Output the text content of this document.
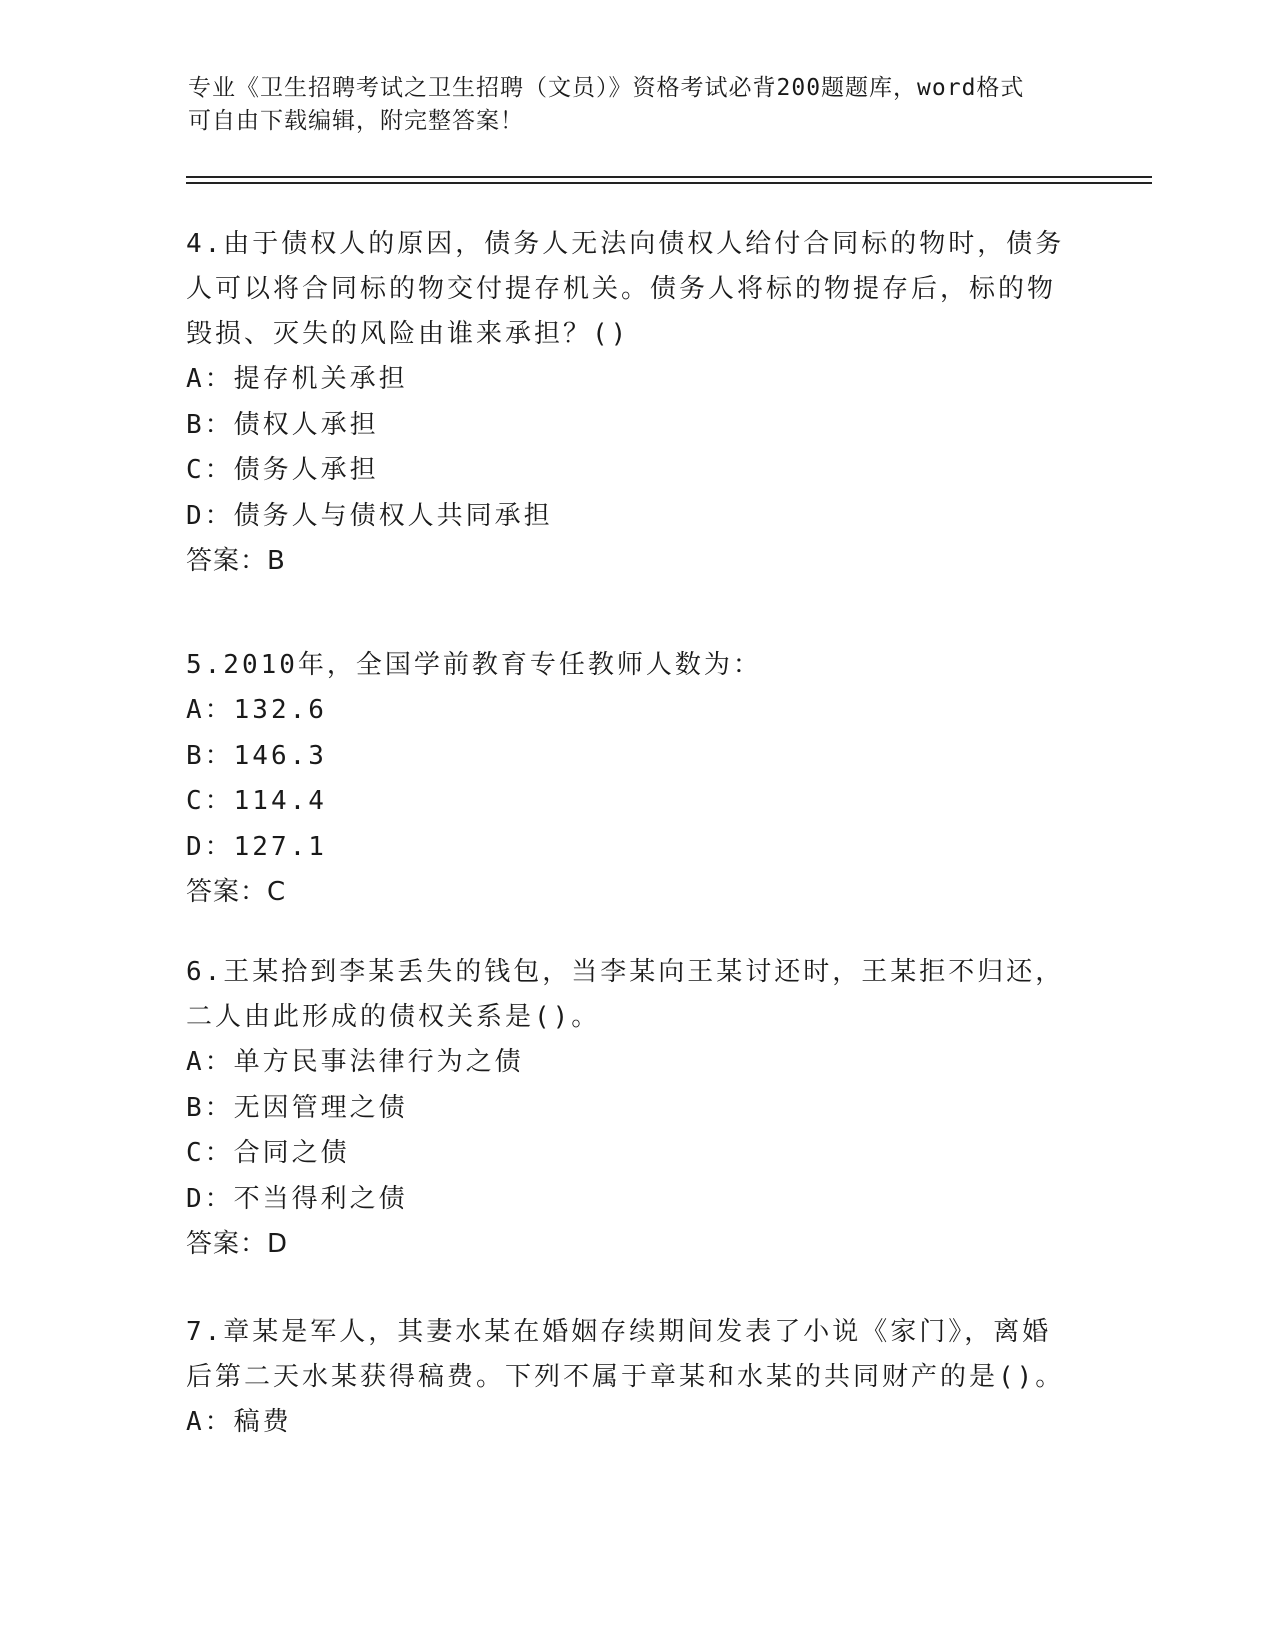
专业《卫生招聘考试之卫生招聘（文员）》资格考试必背200题题库，word格式
可自由下载编辑，附完整答案！
4.由于债权人的原因，债务人无法向债权人给付合同标的物时，债务
人可以将合同标的物交付提存机关。债务人将标的物提存后，标的物
毁损、灭失的风险由谁来承担？()
A：提存机关承担
B：债权人承担
C：债务人承担
D：债务人与债权人共同承担
答案：B
5.2010年，全国学前教育专任教师人数为：
A：132.6
B：146.3
C：114.4
D：127.1
答案：C
6.王某拾到李某丢失的钱包，当李某向王某讨还时，王某拒不归还，
二人由此形成的债权关系是()。
A：单方民事法律行为之债
B：无因管理之债
C：合同之债
D：不当得利之债
答案：D
7.章某是军人，其妻水某在婚姻存续期间发表了小说《家门》，离婚
后第二天水某获得稿费。下列不属于章某和水某的共同财产的是()。
A：稿费
